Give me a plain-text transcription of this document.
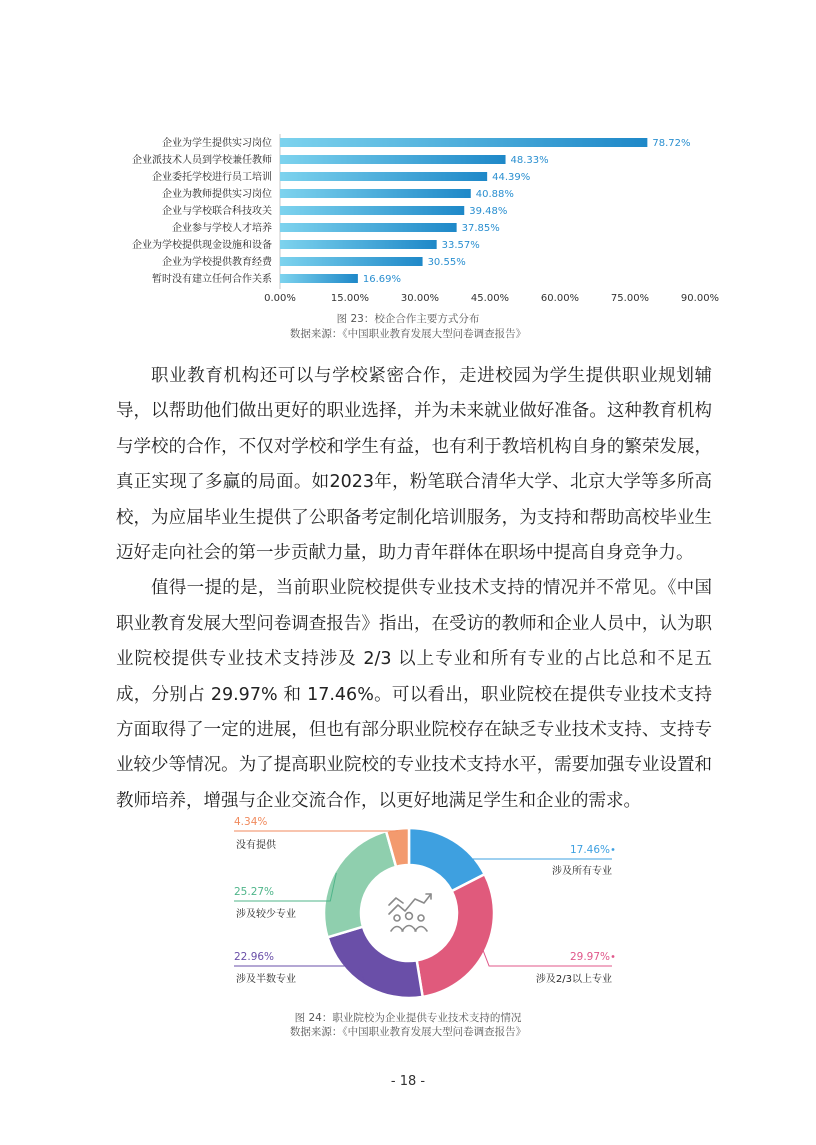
企业为学生提供实习岗位	78.72%
企业派技术人员到学校兼任教师	48.33%
企业委托学校进行员工培训	44.39%
企业为教师提供实习岗位	40.88%
企业与学校联合科技攻关	39.48%
企业参与学校人才培养	37.85%
企业为学校提供现金设施和设备	33.57%
企业为学校提供教育经费	30.55%
暂时没有建立任何合作关系	16.69%
0.00%	15.00%	30.00%	45.00%	60.00%	75.00%	90.00%
图 23：校企合作主要方式分布
数据来源：《中国职业教育发展大型问卷调查报告》

职业教育机构还可以与学校紧密合作，走进校园为学生提供职业规划辅导，以帮助他们做出更好的职业选择，并为未来就业做好准备。这种教育机构与学校的合作，不仅对学校和学生有益，也有利于教培机构自身的繁荣发展，真正实现了多赢的局面。如2023年，粉笔联合清华大学、北京大学等多所高校，为应届毕业生提供了公职备考定制化培训服务，为支持和帮助高校毕业生迈好走向社会的第一步贡献力量，助力青年群体在职场中提高自身竞争力。

值得一提的是，当前职业院校提供专业技术支持的情况并不常见。《中国职业教育发展大型问卷调查报告》指出，在受访的教师和企业人员中，认为职业院校提供专业技术支持涉及 2/3 以上专业和所有专业的占比总和不足五成，分别占 29.97% 和 17.46%。可以看出，职业院校在提供专业技术支持方面取得了一定的进展，但也有部分职业院校存在缺乏专业技术支持、支持专业较少等情况。为了提高职业院校的专业技术支持水平，需要加强专业设置和教师培养，增强与企业交流合作，以更好地满足学生和企业的需求。

17.46%
涉及所有专业
29.97%
涉及2/3以上专业
22.96%
涉及半数专业
25.27%
涉及较少专业
4.34%
没有提供
图 24：职业院校为企业提供专业技术支持的情况
数据来源：《中国职业教育发展大型问卷调查报告》
- 18 -
